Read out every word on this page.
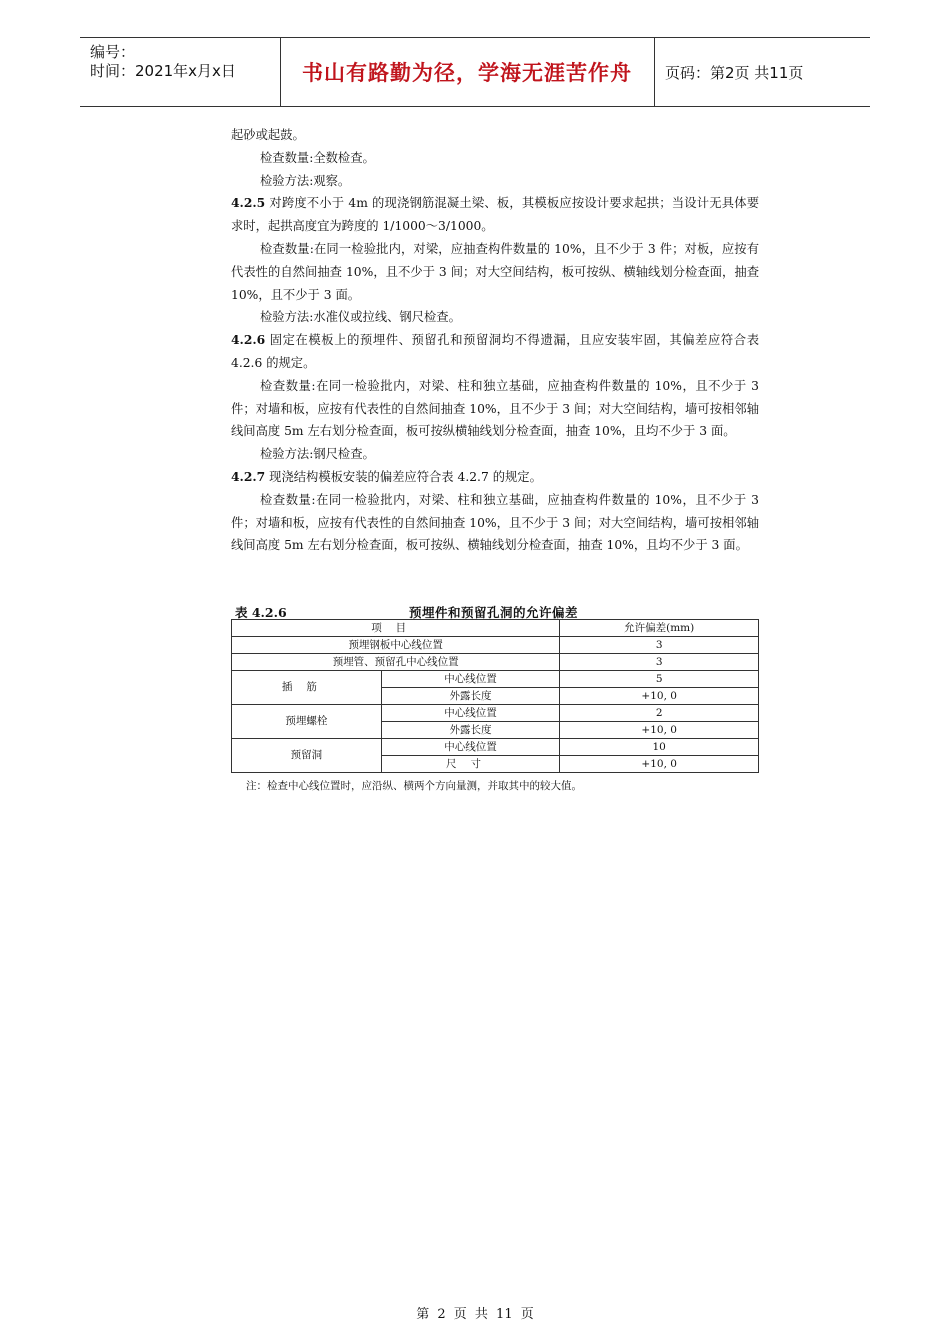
编号：
时间：2021年x月x日	书山有路勤为径，学海无涯苦作舟 页码：第2页 共11页

起砂或起鼓。

检查数量:全数检查。

检验方法:观察。

4.2.5 对跨度不小于 4m 的现浇钢筋混凝土梁、板，其模板应按设计要求起拱；当设计无具体要求时，起拱高度宜为跨度的 1/1000～3/1000。

检查数量:在同一检验批内，对梁，应抽查构件数量的 10%，且不少于 3 件；对板，应按有代表性的自然间抽查 10%，且不少于 3 间；对大空间结构，板可按纵、横轴线划分检查面，抽查 10%，且不少于 3 面。

检验方法:水准仪或拉线、钢尺检查。

4.2.6 固定在模板上的预埋件、预留孔和预留洞均不得遗漏，且应安装牢固，其偏差应符合表 4.2.6 的规定。

检查数量:在同一检验批内，对梁、柱和独立基础，应抽查构件数量的 10%，且不少于 3 件；对墙和板，应按有代表性的自然间抽查 10%，且不少于 3 间；对大空间结构，墙可按相邻轴线间高度 5m 左右划分检查面，板可按纵横轴线划分检查面，抽查 10%，且均不少于 3 面。

检验方法:钢尺检查。

4.2.7 现浇结构模板安装的偏差应符合表 4.2.7 的规定。

检查数量:在同一检验批内，对梁、柱和独立基础，应抽查构件数量的 10%，且不少于 3 件；对墙和板，应按有代表性的自然间抽查 10%，且不少于 3 间；对大空间结构，墙可按相邻轴线间高度 5m 左右划分检查面，板可按纵、横轴线划分检查面，抽查 10%，且均不少于 3 面。

表 4.2.6	预埋件和预留孔洞的允许偏差
项目		允许偏差(mm)
预埋钢板中心线位置		3
预埋管、预留孔中心线位置		3
插筋	中心线位置	5
	外露长度	+10, 0
预埋螺栓	中心线位置	2
	外露长度	+10, 0
预留洞	中心线位置	10
	尺寸	+10, 0
注：检查中心线位置时，应沿纵、横两个方向量测，并取其中的较大值。
第 2 页 共 11 页
